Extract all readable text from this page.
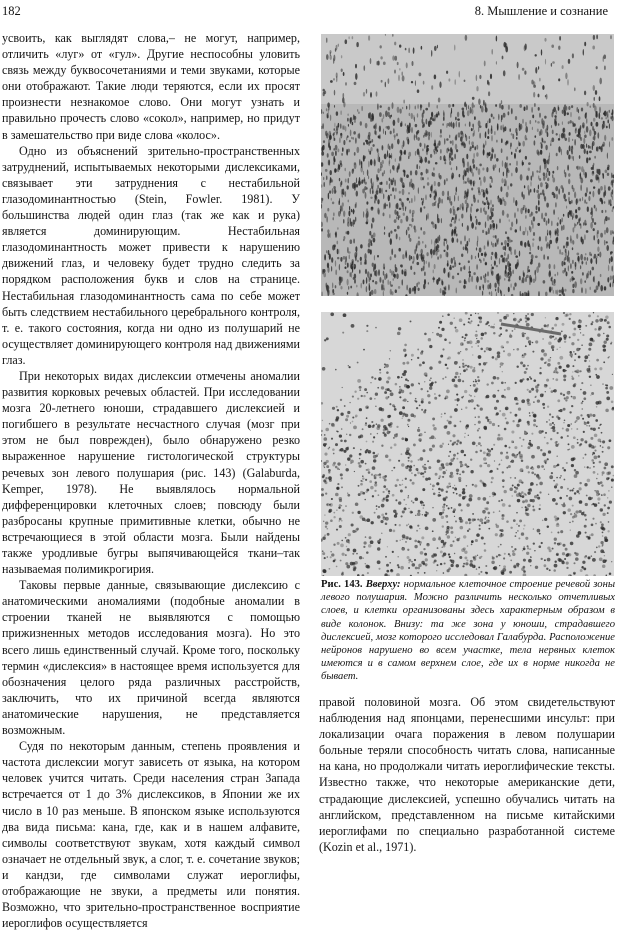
182	8. Мышление и сознание

усвоить, как выглядят слова,– не могут, например, отличить «луг» от «гул». Другие неспособны уловить связь между буквосочетаниями и теми звуками, которые они отображают. Такие люди теряются, если их просят произнести незнакомое слово. Они могут узнать и правильно прочесть слово «сокол», например, но придут в замешательство при виде слова «колос».

Одно из объяснений зрительно-пространственных затруднений, испытываемых некоторыми дислексиками, связывает эти затруднения с нестабильной глазодоминантностью (Stein, Fowler. 1981). У большинства людей один глаз (так же как и рука) является доминирующим. Нестабильная глазодоминантность может привести к нарушению движений глаз, и человеку будет трудно следить за порядком расположения букв и слов на странице. Нестабильная глазодоминантность сама по себе может быть следствием нестабильного церебрального контроля, т. е. такого состояния, когда ни одно из полушарий не осуществляет доминирующего контроля над движениями глаз.

При некоторых видах дислексии отмечены аномалии развития корковых речевых областей. При исследовании мозга 20-летнего юноши, страдавшего дислексией и погибшего в результате несчастного случая (мозг при этом не был поврежден), было обнаружено резко выраженное нарушение гистологической структуры речевых зон левого полушария (рис. 143) (Galaburda, Kemper, 1978). Не выявлялось нормальной дифференцировки клеточных слоев; повсюду были разбросаны крупные примитивные клетки, обычно не встречающиеся в этой области мозга. Были найдены также уродливые бугры выпячивающейся ткани–так называемая полимикрогирия.

Таковы первые данные, связывающие дислексию с анатомическими аномалиями (подобные аномалии в строении тканей не выявляются с помощью прижизненных методов исследования мозга). Но это всего лишь единственный случай. Кроме того, поскольку термин «дислексия» в настоящее время используется для обозначения целого ряда различных расстройств, заключить, что их причиной всегда являются анатомические нарушения, не представляется возможным.

Судя по некоторым данным, степень проявления и частота дислексии могут зависеть от языка, на котором человек учится читать. Среди населения стран Запада встречается от 1 до 3% дислексиков, в Японии же их число в 10 раз меньше. В японском языке используются два вида письма: кана, где, как и в нашем алфавите, символы соответствуют звукам, хотя каждый символ означает не отдельный звук, а слог, т. е. сочетание звуков; и кандзи, где символами служат иероглифы, отображающие не звуки, а предметы или понятия. Возможно, что зрительно-пространственное восприятие иероглифов осуществляется

Рис. 143. Вверху: нормальное клеточное строение речевой зоны левого полушария. Можно различить несколько отчетливых слоев, и клетки организованы здесь характерным образом в виде колонок. Внизу: та же зона у юноши, страдавшего дислексией, мозг которого исследовал Галабурда. Расположение нейронов нарушено во всем участке, тела нервных клеток имеются и в самом верхнем слое, где их в норме никогда не бывает.

правой половиной мозга. Об этом свидетельствуют наблюдения над японцами, перенесшими инсульт: при локализации очага поражения в левом полушарии больные теряли способность читать слова, написанные на кана, но продолжали читать иероглифические тексты. Известно также, что некоторые американские дети, страдающие дислексией, успешно обучались читать на английском, представленном на письме китайскими иероглифами по специально разработанной системе (Kozin et al., 1971).
